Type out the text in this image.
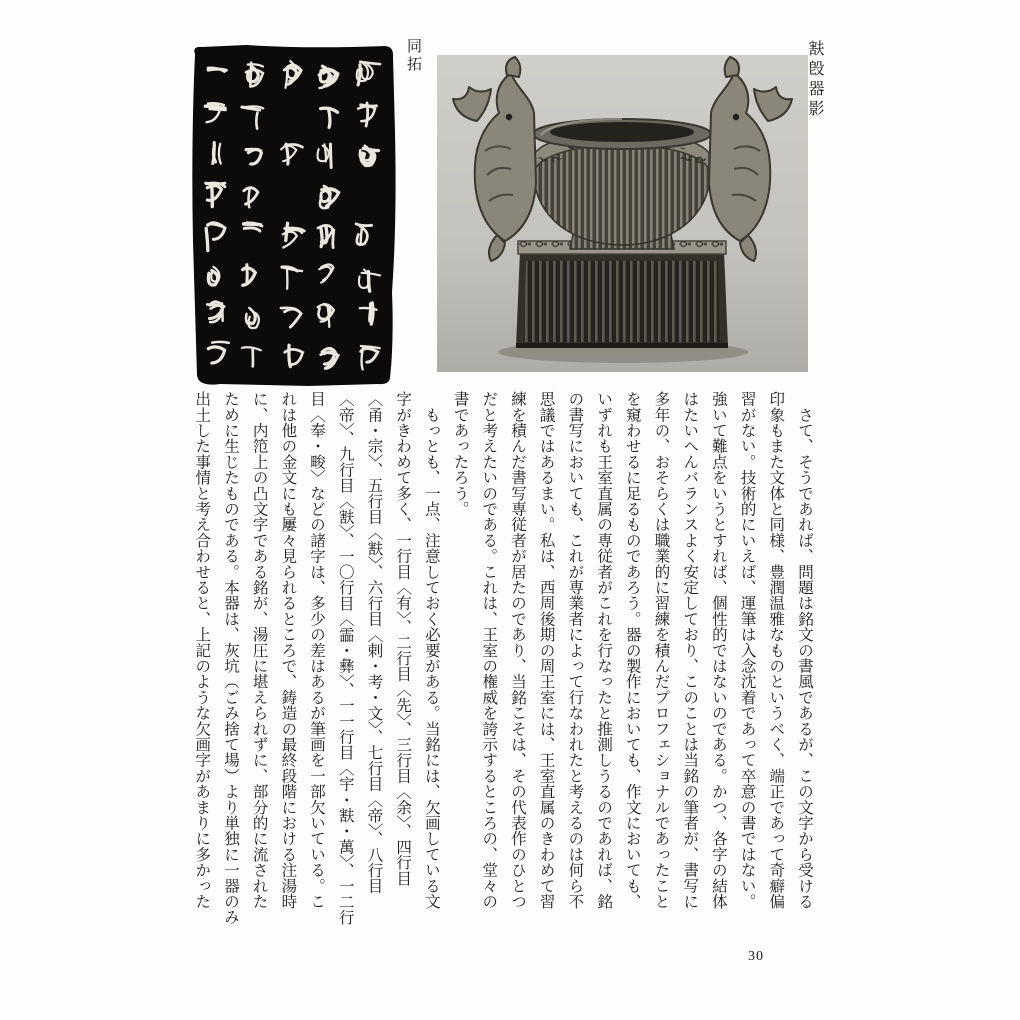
同拓	㝬𣪘器影

　さて、そうであれば、問題は銘文の書風であるが、この文字から受ける

印象もまた文体と同様、豊潤温雅なものというべく、端正であって奇癖偏

習がない。技術的にいえば、運筆は入念沈着であって卒意の書ではない。

強いて難点をいうとすれば、個性的ではないのである。かつ、各字の結体

はたいへんバランスよく安定しており、このことは当銘の筆者が、書写に

多年の、おそらくは職業的に習練を積んだプロフェショナルであったこと

を窺わせるに足るものであろう。器の製作においても、作文においても、

いずれも王室直属の専従者がこれを行なったと推測しうるのであれば、銘

の書写においても、これが専業者によって行なわれたと考えるのは何ら不

思議ではあるまい。私は、西周後期の周王室には、王室直属のきわめて習

練を積んだ書写専従者が居たのであり、当銘こそは、その代表作のひとつ

だと考えたいのである。これは、王室の権威を誇示するところの、堂々の

書であったろう。

　もっとも、一点、注意しておく必要がある。当銘には、欠画している文

字がきわめて多く、一行目〈有〉、二行目〈先〉、三行目〈余〉、四行目

〈甬・宗〉、五行目〈㝬〉、六行目〈剌・考・文〉、七行目〈帝〉、八行目

〈帝〉、九行目〈㝬〉、一〇行目〈霝・彝〉、一一行目〈宇・㝬・萬〉、一二行

目〈奉・畯〉などの諸字は、多少の差はあるが筆画を一部欠いている。こ

れは他の金文にも屢々見られるところで、鋳造の最終段階における注湯時

に、内笵上の凸文字である銘が、湯圧に堪えられずに、部分的に流された

ために生じたものである。本器は、灰坑（ごみ捨て場）より単独に一器のみ

出土した事情と考え合わせると、上記のような欠画字があまりに多かった

30
